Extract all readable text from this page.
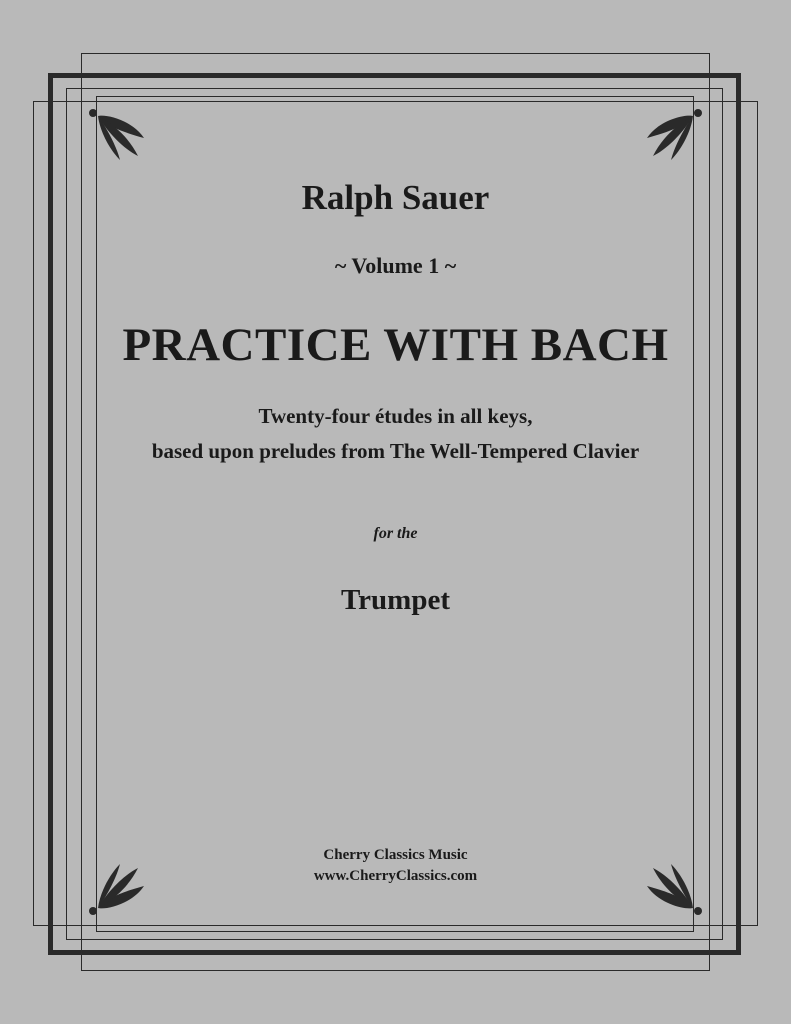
Ralph Sauer
~ Volume 1 ~
PRACTICE WITH BACH
Twenty-four études in all keys,
based upon preludes from The Well-Tempered Clavier
for the
Trumpet
Cherry Classics Music
www.CherryClassics.com
